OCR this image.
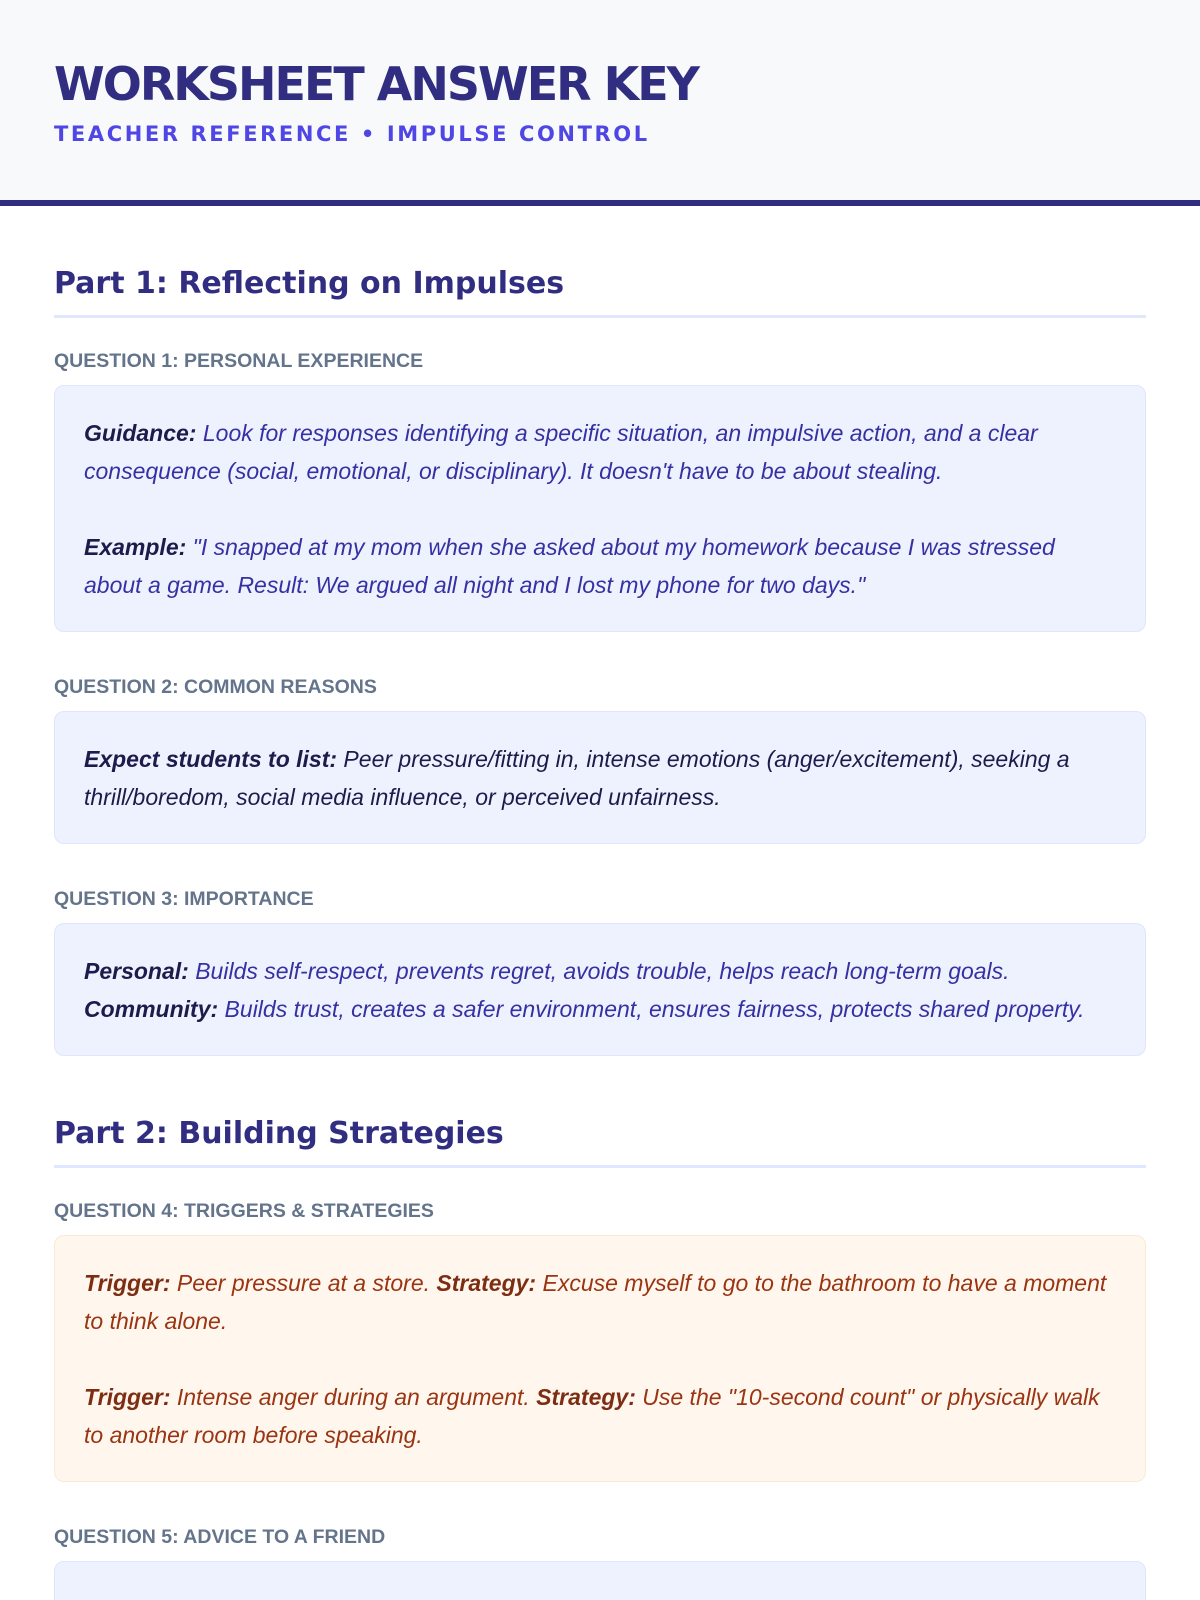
WORKSHEET ANSWER KEY
TEACHER REFERENCE • IMPULSE CONTROL
Part 1: Reflecting on Impulses
QUESTION 1: PERSONAL EXPERIENCE

Guidance: Look for responses identifying a specific situation, an impulsive action, and a clear consequence (social, emotional, or disciplinary). It doesn't have to be about stealing.

Example: "I snapped at my mom when she asked about my homework because I was stressed about a game. Result: We argued all night and I lost my phone for two days."

QUESTION 2: COMMON REASONS

Expect students to list: Peer pressure/fitting in, intense emotions (anger/excitement), seeking a thrill/boredom, social media influence, or perceived unfairness.

QUESTION 3: IMPORTANCE

Personal: Builds self-respect, prevents regret, avoids trouble, helps reach long-term goals.
Community: Builds trust, creates a safer environment, ensures fairness, protects shared property.

Part 2: Building Strategies
QUESTION 4: TRIGGERS & STRATEGIES

Trigger: Peer pressure at a store. Strategy: Excuse myself to go to the bathroom to have a moment to think alone.

Trigger: Intense anger during an argument. Strategy: Use the "10-second count" or physically walk to another room before speaking.

QUESTION 5: ADVICE TO A FRIEND
